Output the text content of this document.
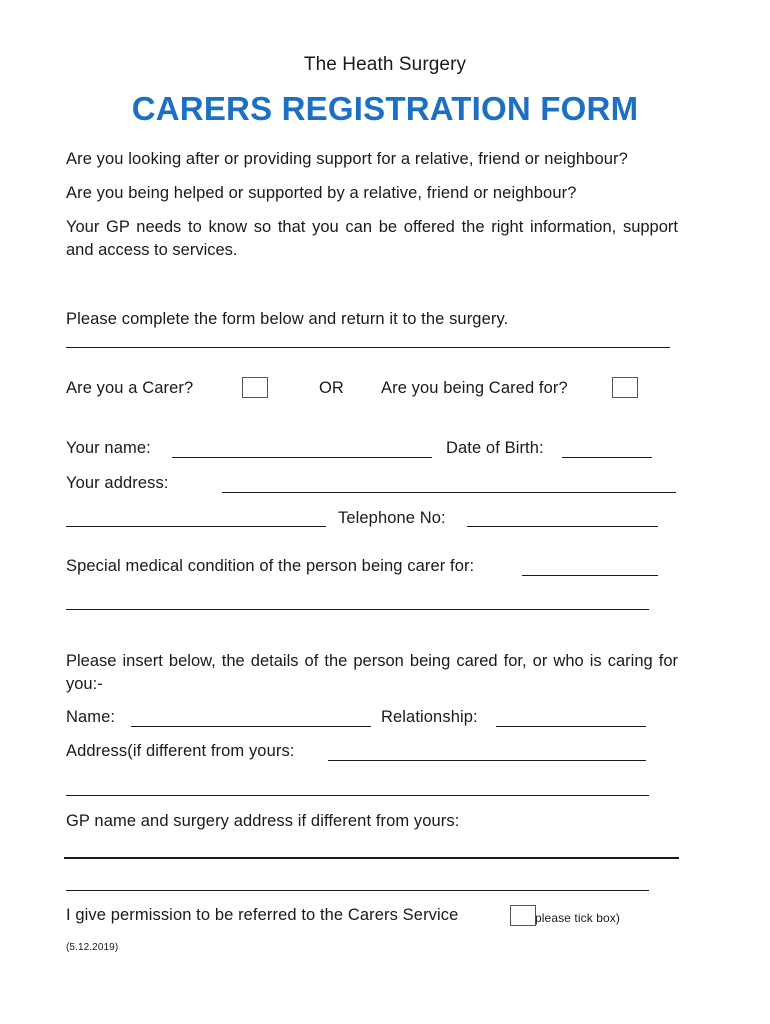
The Heath Surgery
CARERS REGISTRATION FORM
Are you looking after or providing support for a relative, friend or neighbour?
Are you being helped or supported by a relative, friend or neighbour?
Your GP needs to know so that you can be offered the right information, support and access to services.
Please complete the form below and return it to the surgery.
Are you a Carer?	OR Are you being Cared for?
Your name:	Date of Birth:
Your address:
Telephone No:
Special medical condition of the person being carer for:
Please insert below, the details of the person being cared for, or who is caring for you:-
Name:	Relationship:
Address(if different from yours:
GP name and surgery address if different from yours:
I give permission to be referred to the Carers Service	please tick box)
(5.12.2019)
